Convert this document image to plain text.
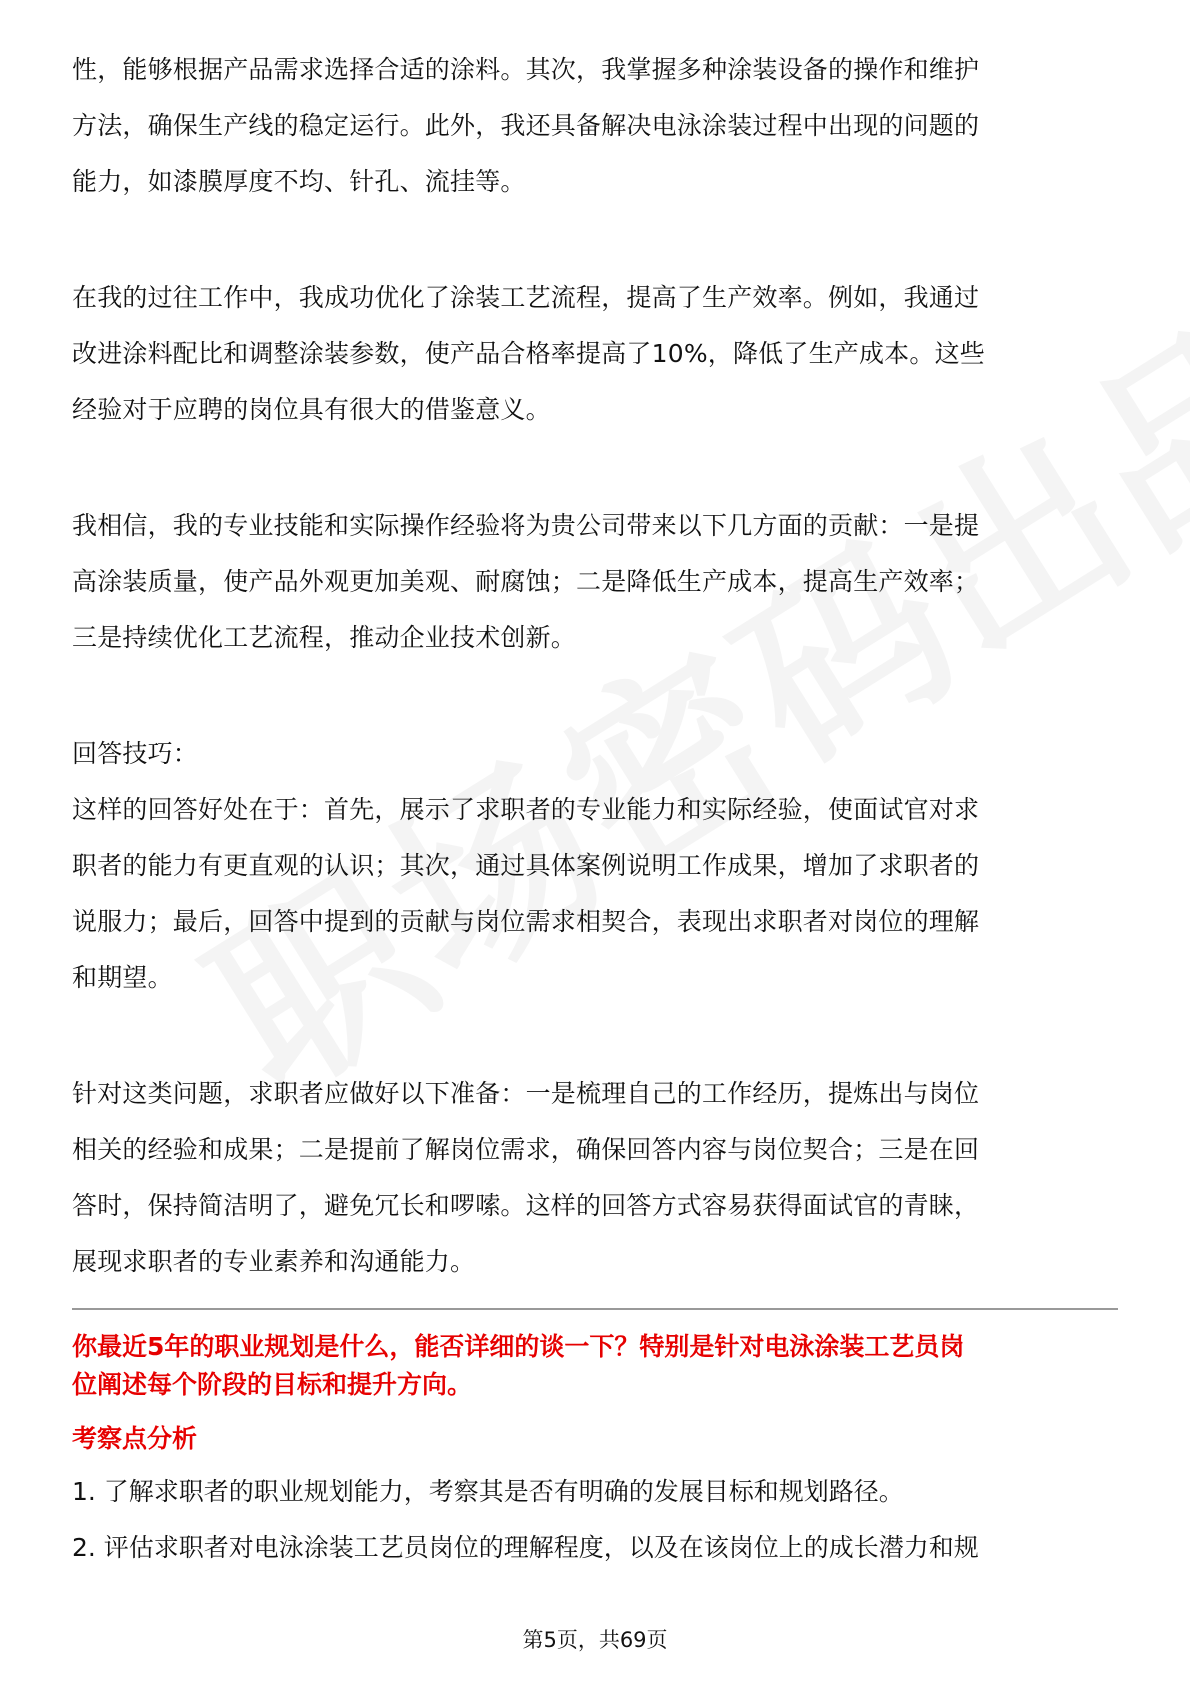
性，能够根据产品需求选择合适的涂料。其次，我掌握多种涂装设备的操作和维护

方法，确保生产线的稳定运行。此外，我还具备解决电泳涂装过程中出现的问题的

能力，如漆膜厚度不均、针孔、流挂等。

在我的过往工作中，我成功优化了涂装工艺流程，提高了生产效率。例如，我通过

改进涂料配比和调整涂装参数，使产品合格率提高了10%，降低了生产成本。这些

经验对于应聘的岗位具有很大的借鉴意义。

我相信，我的专业技能和实际操作经验将为贵公司带来以下几方面的贡献：一是提

高涂装质量，使产品外观更加美观、耐腐蚀；二是降低生产成本，提高生产效率；

三是持续优化工艺流程，推动企业技术创新。

回答技巧：

这样的回答好处在于：首先，展示了求职者的专业能力和实际经验，使面试官对求

职者的能力有更直观的认识；其次，通过具体案例说明工作成果，增加了求职者的

说服力；最后，回答中提到的贡献与岗位需求相契合，表现出求职者对岗位的理解

和期望。

针对这类问题，求职者应做好以下准备：一是梳理自己的工作经历，提炼出与岗位

相关的经验和成果；二是提前了解岗位需求，确保回答内容与岗位契合；三是在回

答时，保持简洁明了，避免冗长和啰嗦。这样的回答方式容易获得面试官的青睐，

展现求职者的专业素养和沟通能力。

你最近5年的职业规划是什么，能否详细的谈一下？特别是针对电泳涂装工艺员岗

位阐述每个阶段的目标和提升方向。

考察点分析

1. 了解求职者的职业规划能力，考察其是否有明确的发展目标和规划路径。
2. 评估求职者对电泳涂装工艺员岗位的理解程度，以及在该岗位上的成长潜力和规
第5页，共69页
